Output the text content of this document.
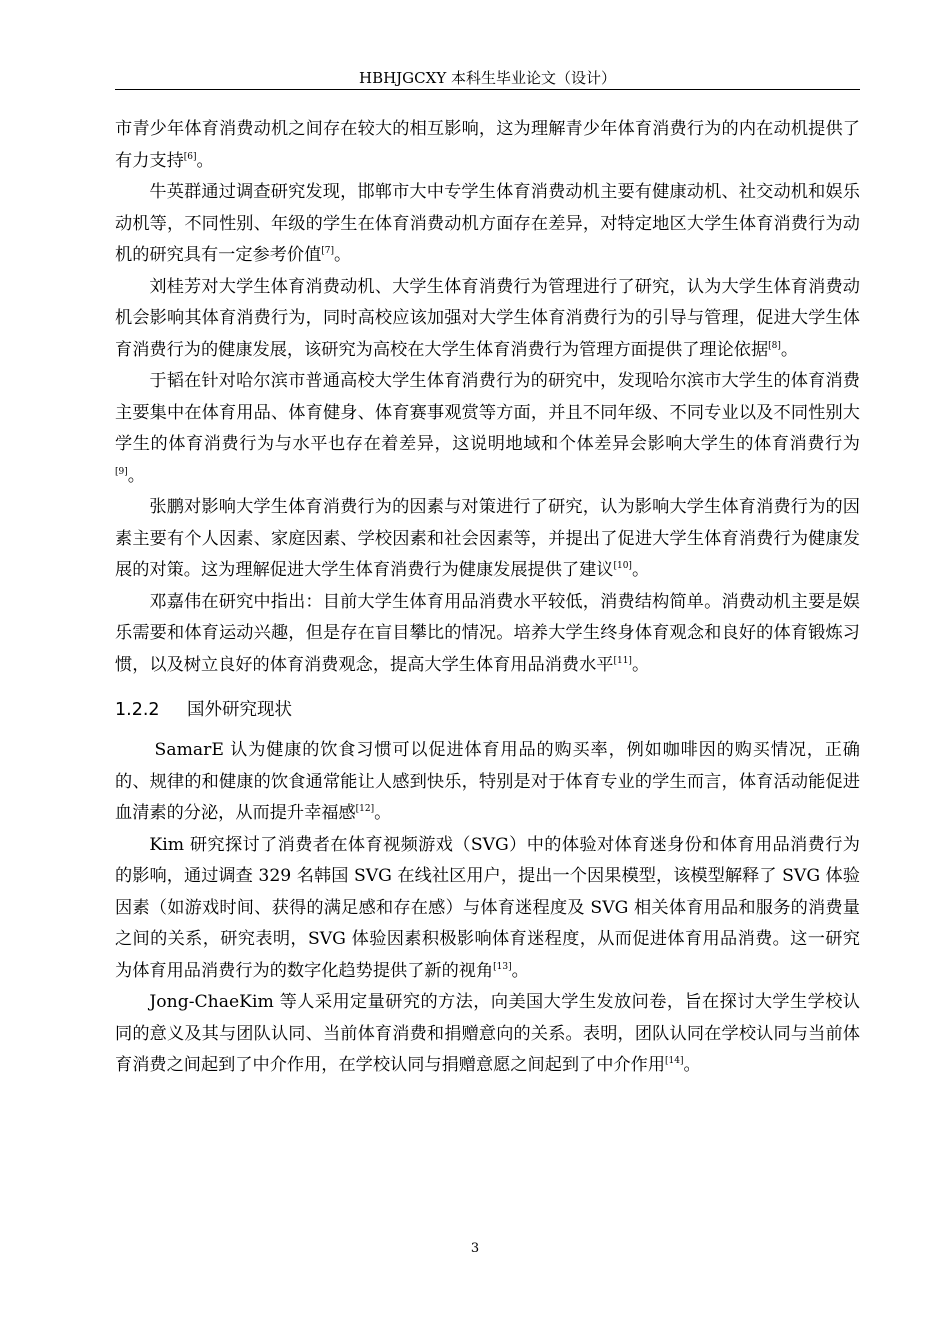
HBHJGCXY 本科生毕业论文（设计）

市青少年体育消费动机之间存在较大的相互影响，这为理解青少年体育消费行为的内在动机提供了有力支持[6]。

牛英群通过调查研究发现，邯郸市大中专学生体育消费动机主要有健康动机、社交动机和娱乐动机等，不同性别、年级的学生在体育消费动机方面存在差异，对特定地区大学生体育消费行为动机的研究具有一定参考价值[7]。

刘桂芳对大学生体育消费动机、大学生体育消费行为管理进行了研究，认为大学生体育消费动机会影响其体育消费行为，同时高校应该加强对大学生体育消费行为的引导与管理，促进大学生体育消费行为的健康发展，该研究为高校在大学生体育消费行为管理方面提供了理论依据[8]。

于韬在针对哈尔滨市普通高校大学生体育消费行为的研究中，发现哈尔滨市大学生的体育消费主要集中在体育用品、体育健身、体育赛事观赏等方面，并且不同年级、不同专业以及不同性别大学生的体育消费行为与水平也存在着差异，这说明地域和个体差异会影响大学生的体育消费行为[9]。

张鹏对影响大学生体育消费行为的因素与对策进行了研究，认为影响大学生体育消费行为的因素主要有个人因素、家庭因素、学校因素和社会因素等，并提出了促进大学生体育消费行为健康发展的对策。这为理解促进大学生体育消费行为健康发展提供了建议[10]。

邓嘉伟在研究中指出：目前大学生体育用品消费水平较低，消费结构简单。消费动机主要是娱乐需要和体育运动兴趣，但是存在盲目攀比的情况。培养大学生终身体育观念和良好的体育锻炼习惯，以及树立良好的体育消费观念，提高大学生体育用品消费水平[11]。

1.2.2 国外研究现状

SamarE 认为健康的饮食习惯可以促进体育用品的购买率，例如咖啡因的购买情况，正确的、规律的和健康的饮食通常能让人感到快乐，特别是对于体育专业的学生而言，体育活动能促进血清素的分泌，从而提升幸福感[12]。

Kim 研究探讨了消费者在体育视频游戏（SVG）中的体验对体育迷身份和体育用品消费行为的影响，通过调查 329 名韩国 SVG 在线社区用户，提出一个因果模型，该模型解释了 SVG 体验因素（如游戏时间、获得的满足感和存在感）与体育迷程度及 SVG 相关体育用品和服务的消费量之间的关系，研究表明，SVG 体验因素积极影响体育迷程度，从而促进体育用品消费。这一研究为体育用品消费行为的数字化趋势提供了新的视角[13]。

Jong-ChaeKim 等人采用定量研究的方法，向美国大学生发放问卷，旨在探讨大学生学校认同的意义及其与团队认同、当前体育消费和捐赠意向的关系。表明，团队认同在学校认同与当前体育消费之间起到了中介作用，在学校认同与捐赠意愿之间起到了中介作用[14]。

3
